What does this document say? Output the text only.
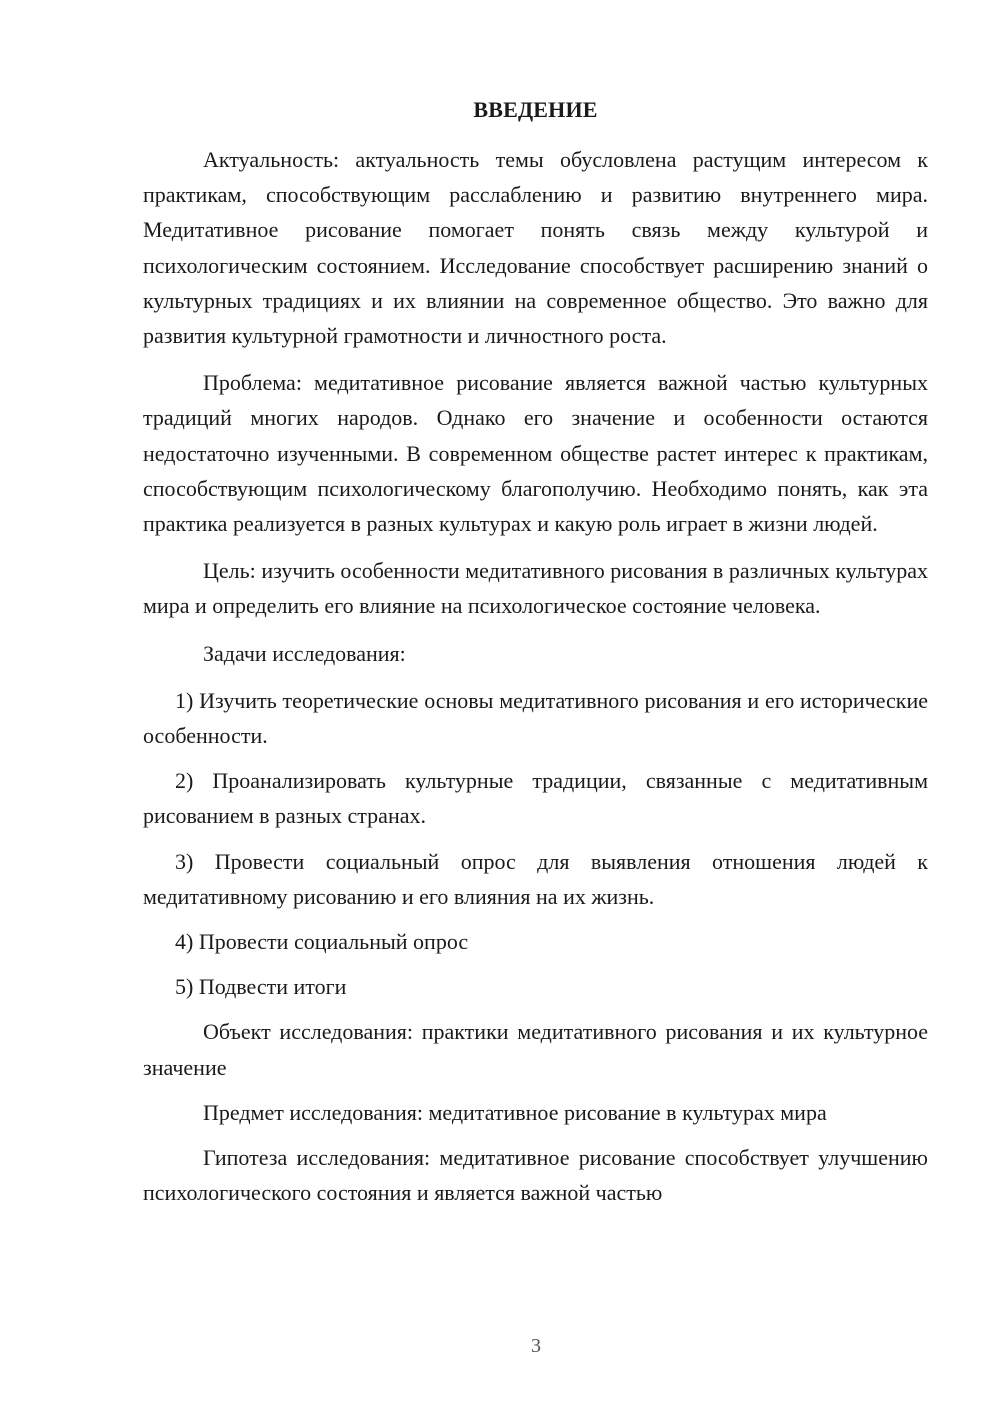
ВВЕДЕНИЕ

Актуальность: актуальность темы обусловлена растущим интересом к практикам, способствующим расслаблению и развитию внутреннего мира. Медитативное рисование помогает понять связь между культурой и психологическим состоянием. Исследование способствует расширению знаний о культурных традициях и их влиянии на современное общество. Это важно для развития культурной грамотности и личностного роста.

Проблема: медитативное рисование является важной частью культурных традиций многих народов. Однако его значение и особенности остаются недостаточно изученными. В современном обществе растет интерес к практикам, способствующим психологическому благополучию. Необходимо понять, как эта практика реализуется в разных культурах и какую роль играет в жизни людей.

Цель: изучить особенности медитативного рисования в различных культурах мира и определить его влияние на психологическое состояние человека.

Задачи исследования:

1) Изучить теоретические основы медитативного рисования и его исторические особенности.

2) Проанализировать культурные традиции, связанные с медитативным рисованием в разных странах.

3) Провести социальный опрос для выявления отношения людей к медитативному рисованию и его влияния на их жизнь.

4) Провести социальный опрос

5) Подвести итоги

Объект исследования: практики медитативного рисования и их культурное значение

Предмет исследования: медитативное рисование в культурах мира

Гипотеза исследования: медитативное рисование способствует улучшению психологического состояния и является важной частью

3
